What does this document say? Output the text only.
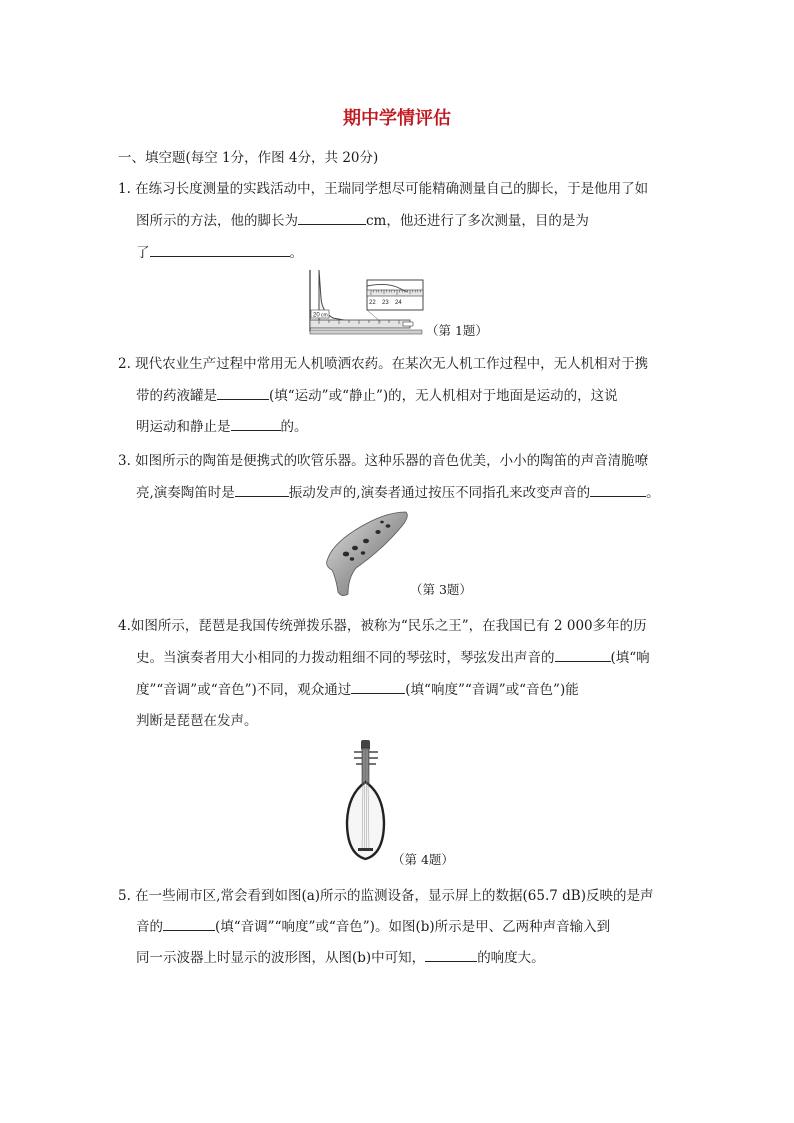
期中学情评估
一、填空题(每空 1分，作图 4分，共 20分)
1. 在练习长度测量的实践活动中，王瑞同学想尽可能精确测量自己的脚长，于是他用了如
图所示的方法，他的脚长为	cm，他还进行了多次测量，目的是为
了	。
20 cm
22 23 24
（第 1题）
2. 现代农业生产过程中常用无人机喷洒农药。在某次无人机工作过程中，无人机相对于携
带的药液罐是	(填“运动”或“静止”)的，无人机相对于地面是运动的，这说
明运动和静止是	的。
3. 如图所示的陶笛是便携式的吹管乐器。这种乐器的音色优美，小小的陶笛的声音清脆嘹
亮,演奏陶笛时是	振动发声的,演奏者通过按压不同指孔来改变声音的	。
（第 3题）
4.如图所示，琵琶是我国传统弹拨乐器，被称为“民乐之王”，在我国已有 2 000多年的历
史。当演奏者用大小相同的力拨动粗细不同的琴弦时，琴弦发出声音的	(填“响
度”“音调”或“音色”)不同，观众通过	(填“响度”“音调”或“音色”)能
判断是琵琶在发声。
（第 4题）
5. 在一些闹市区,常会看到如图(a)所示的监测设备，显示屏上的数据(65.7 dB)反映的是声
音的	(填“音调”“响度”或“音色”)。如图(b)所示是甲、乙两种声音输入到
同一示波器上时显示的波形图，从图(b)中可知，	的响度大。
